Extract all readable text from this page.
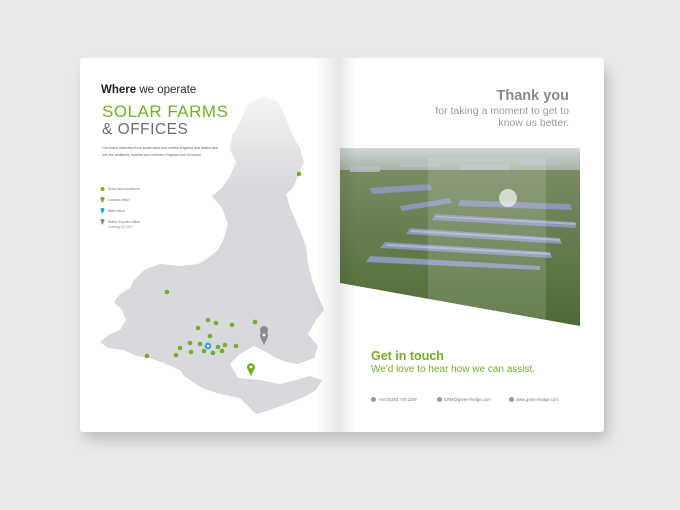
Where we operate
SOLAR FARMS
& OFFICES
Our reach stretches from south-west and central England and Wales and into the midlands, eastern and northern England and Scotland
Solar farm locations
London office
Bath office
Milton Keynes office
Coming Q1 2017
Thank you
for taking a moment to get to know us better.
Get in touch
We'd love to hear how we can assist.
+44 (0)203 740 2297	CRM@green-hedge.com	www.green-hedge.com
